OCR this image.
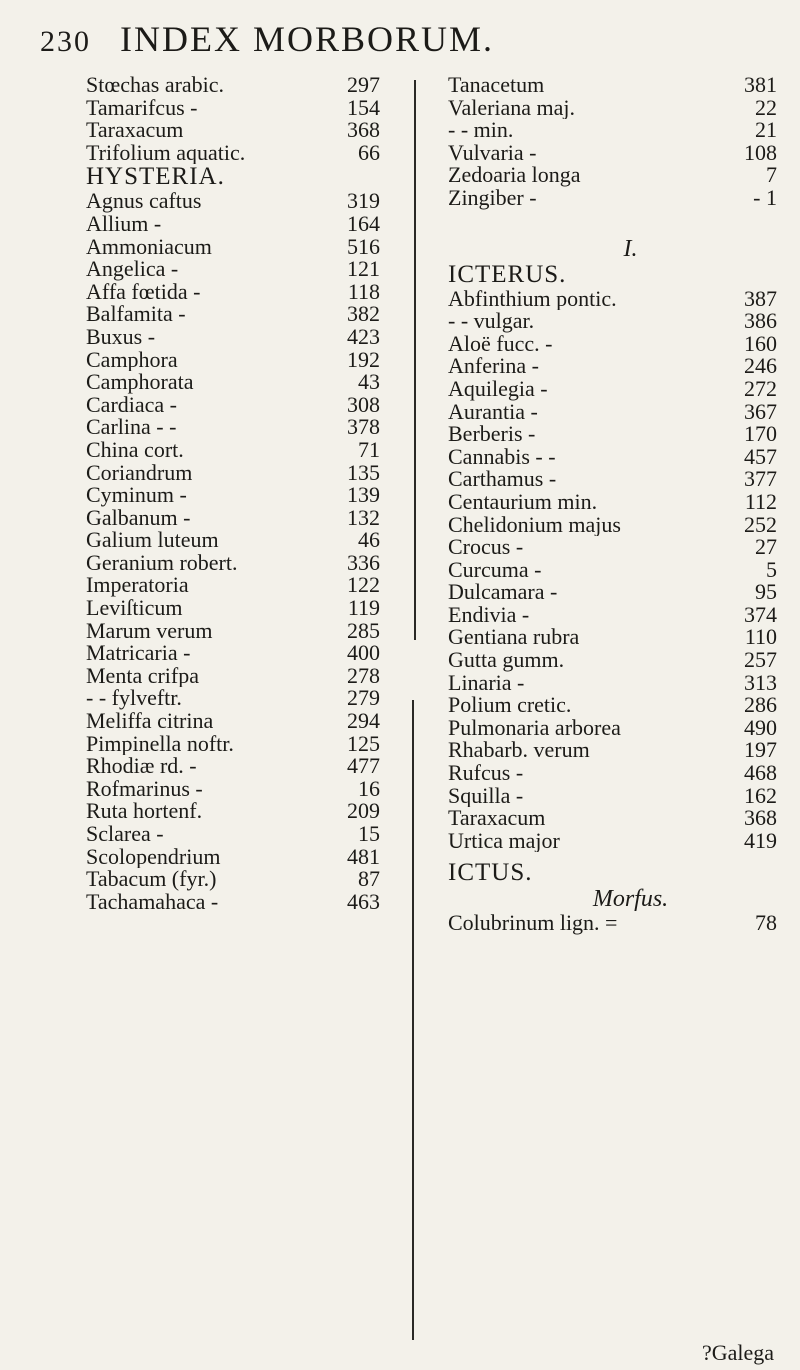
230 INDEX MORBORUM.
Stœchas arabic.	297
Tamarifcus -	154
Taraxacum	368
Trifolium aquatic.	66
HYSTERIA.
Agnus caftus	319
Allium -	164
Ammoniacum	516
Angelica -	121
Affa fœtida -	118
Balfamita -	382
Buxus -	423
Camphora	192
Camphorata	43
Cardiaca -	308
Carlina - -	378
China cort.	71
Coriandrum	135
Cyminum -	139
Galbanum -	132
Galium luteum	46
Geranium robert.	336
Imperatoria	122
Leviſticum	119
Marum verum	285
Matricaria -	400
Menta crifpa	278
- - fylveftr.	279
Meliffa citrina	294
Pimpinella noftr.	125
Rhodiæ rd. -	477
Rofmarinus -	16
Ruta hortenf.	209
Sclarea -	15
Scolopendrium	481
Tabacum (fyr.)	87
Tachamahaca -	463
Tanacetum	381
Valeriana maj.	22
- - min.	21
Vulvaria -	108
Zedoaria longa	7
Zingiber -	- 1
I.
ICTERUS.
Abfinthium pontic.	387
- - vulgar.	386
Aloë fucc. -	160
Anferina -	246
Aquilegia -	272
Aurantia -	367
Berberis -	170
Cannabis - -	457
Carthamus -	377
Centaurium min.	112
Chelidonium majus	252
Crocus -	27
Curcuma -	5
Dulcamara -	95
Endivia -	374
Gentiana rubra	110
Gutta gumm.	257
Linaria -	313
Polium cretic.	286
Pulmonaria arborea	490
Rhabarb. verum	197
Rufcus -	468
Squilla -	162
Taraxacum	368
Urtica major	419
ICTUS.
Morfus.
Colubrinum lign. =	78
?Galega
